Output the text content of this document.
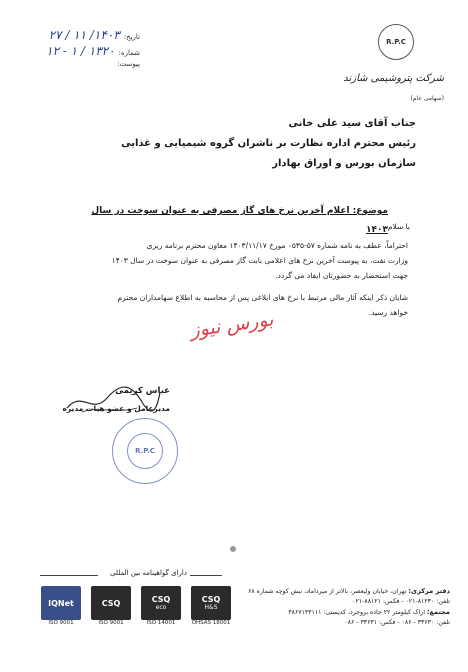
تاریخ:
۱۴۰۳/ ۱۱ / ۲۷
شماره:
۱۳۲۰ / ۱ - ۱۲
پیوست:
R.P.C
شرکت پتروشیمی شازند (سهامی عام)
جناب آقای سید علی خانی
رئیس محترم اداره نظارت بر ناشران گروه شیمیایی و غذایی
سازمان بورس و اوراق بهادار
موضوع: اعلام آخرین نرخ های گاز مصرفی به عنوان سوخت در سال ۱۴۰۳
با سلام،
احتراماً، عطف به نامه شماره ۵۷-۰۵۳۵ مورخ ۱۴۰۳/۱۱/۱۷ معاون محترم برنامه ریزی
وزارت نفت، به پیوست آخرین نرخ های اعلامی بابت گاز مصرفی به عنوان سوخت در سال ۱۴۰۳
جهت استحضار به حضورتان ایفاد می گردد.
شایان ذکر اینکه آثار مالی مرتبط با نرخ های ابلاغی پس از محاسبه به اطلاع سهامداران محترم
خواهد رسید.
بورس نیوز
عباس کریمی
مدیرعامل و عضو هیات مدیره
R.P.C
دارای گواهینامه بین المللی
IQNet
ISO 9001
CSQ
ISO 9001
CSQ
eco
ISO 14001
CSQ
H&S
OHSAS 18001
دفتر مرکزی: تهران، خیابان ولیعصر، بالاتر از میرداماد، نبش کوچه شماره ۶۸
تلفن: ۸۱۲۳۰-۰۲۱ - فکس: ۸۸۱۲۱-۰۲۱
مجتمع: اراک کیلومتر ۲۲ جاده بروجرد، کدپستی: ۳۸۶۷۱۴۳۱۱۱
تلفن: ۳۳۶۳۰ - ۰۸۶ - فکس: ۳۳۶۳۱ - ۰۸۶
